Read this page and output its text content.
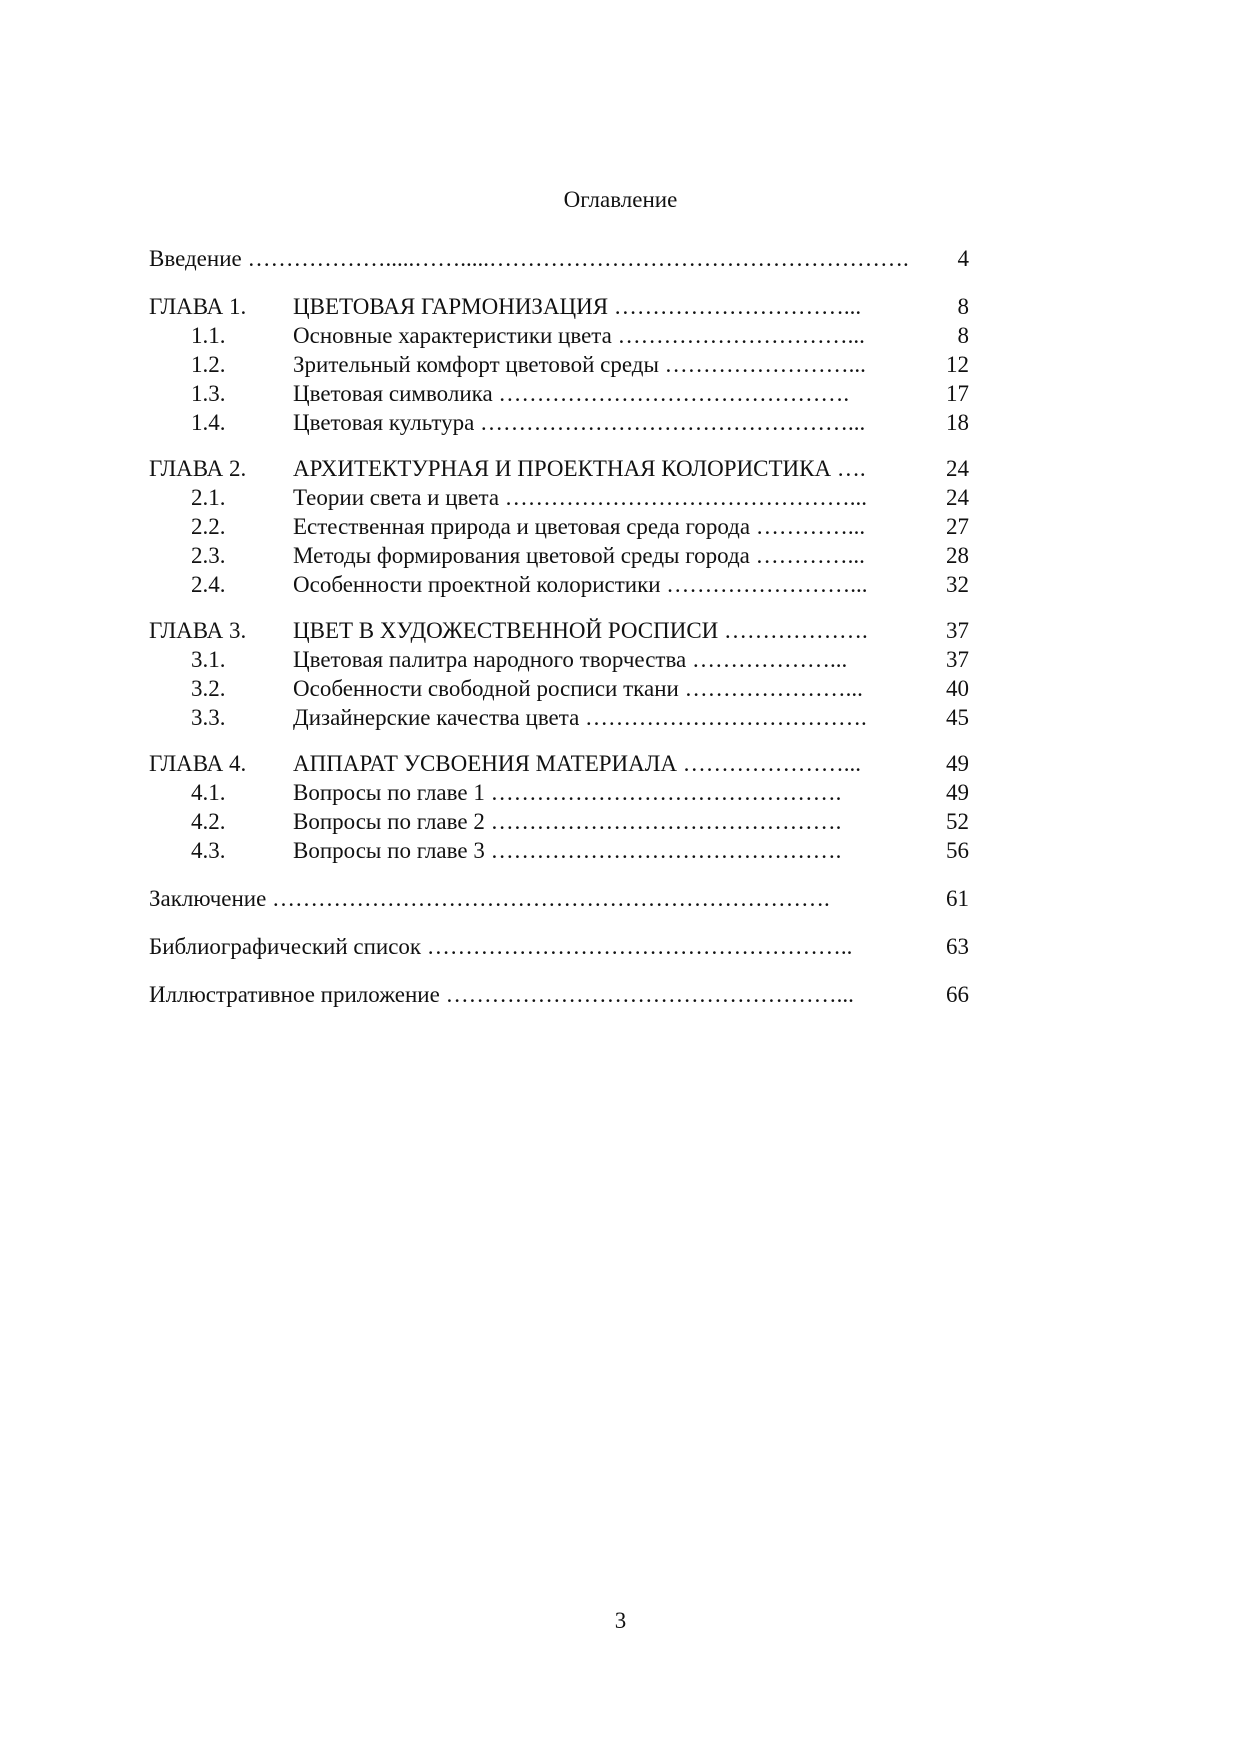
Оглавление
Введение ……………….....…….....……………………………………………….	4
ГЛАВА 1. ЦВЕТОВАЯ ГАРМОНИЗАЦИЯ …………………………...	8
1.1.	Основные характеристики цвета …………………………...	8
1.2.	Зрительный комфорт цветовой среды ……………………...	12
1.3.	Цветовая символика ……………………………………….	17
1.4.	Цветовая культура …………………………………………...	18
ГЛАВА 2. АРХИТЕКТУРНАЯ И ПРОЕКТНАЯ КОЛОРИСТИКА ….	24
2.1.	Теории света и цвета ………………………………………...	24
2.2.	Естественная природа и цветовая среда города …………...	27
2.3.	Методы формирования цветовой среды города …………...	28
2.4.	Особенности проектной колористики ……………………...	32
ГЛАВА 3. ЦВЕТ В ХУДОЖЕСТВЕННОЙ РОСПИСИ ……………….	37
3.1.	Цветовая палитра народного творчества ………………...	37
3.2.	Особенности свободной росписи ткани …………………...	40
3.3.	Дизайнерские качества цвета ……………………………….	45
ГЛАВА 4. АППАРАТ УСВОЕНИЯ МАТЕРИАЛА …………………...	49
4.1.	Вопросы по главе 1 ……………………………………….	49
4.2.	Вопросы по главе 2 ……………………………………….	52
4.3.	Вопросы по главе 3 ……………………………………….	56
Заключение ……………………………………………………………….	61
Библиографический список ………………………………………………..	63
Иллюстративное приложение ……………………………………………...	66
3
